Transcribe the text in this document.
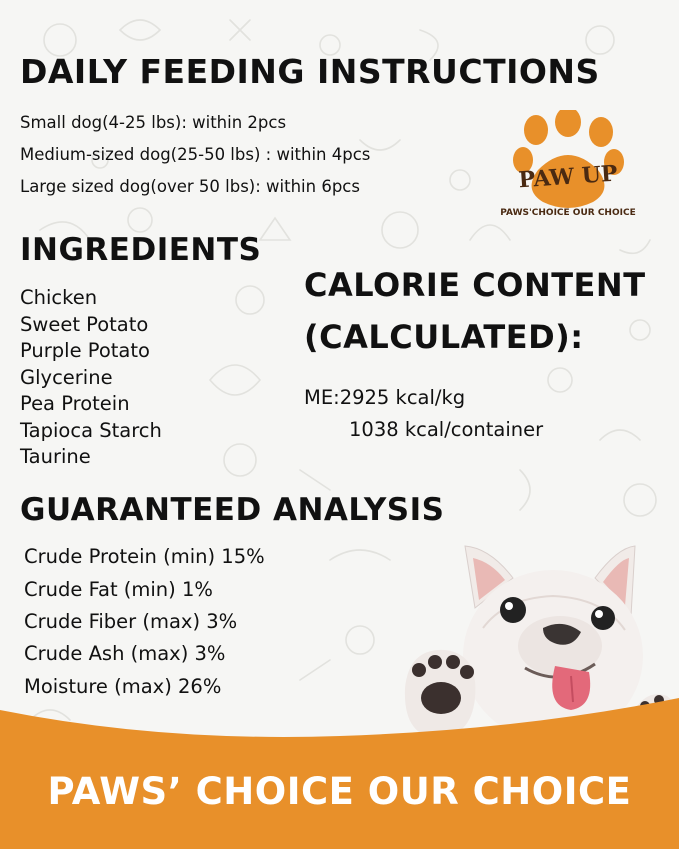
DAILY FEEDING INSTRUCTIONS

Small dog(4-25 lbs): within 2pcs

Medium-sized dog(25-50 lbs) : within 4pcs

Large sized dog(over 50 lbs): within 6pcs	PAW UP
PAWS'CHOICE OUR CHOICE
INGREDIENTS

Chicken

Sweet Potato

Purple Potato

Glycerine

Pea Protein

Tapioca Starch

Taurine

CALORIE CONTENT
(CALCULATED):

ME:2925 kcal/kg

1038 kcal/container

GUARANTEED ANALYSIS

Crude Protein (min) 15%

Crude Fat (min) 1%

Crude Fiber (max) 3%

Crude Ash (max) 3%

Moisture (max) 26%

PAWS’ CHOICE OUR CHOICE
